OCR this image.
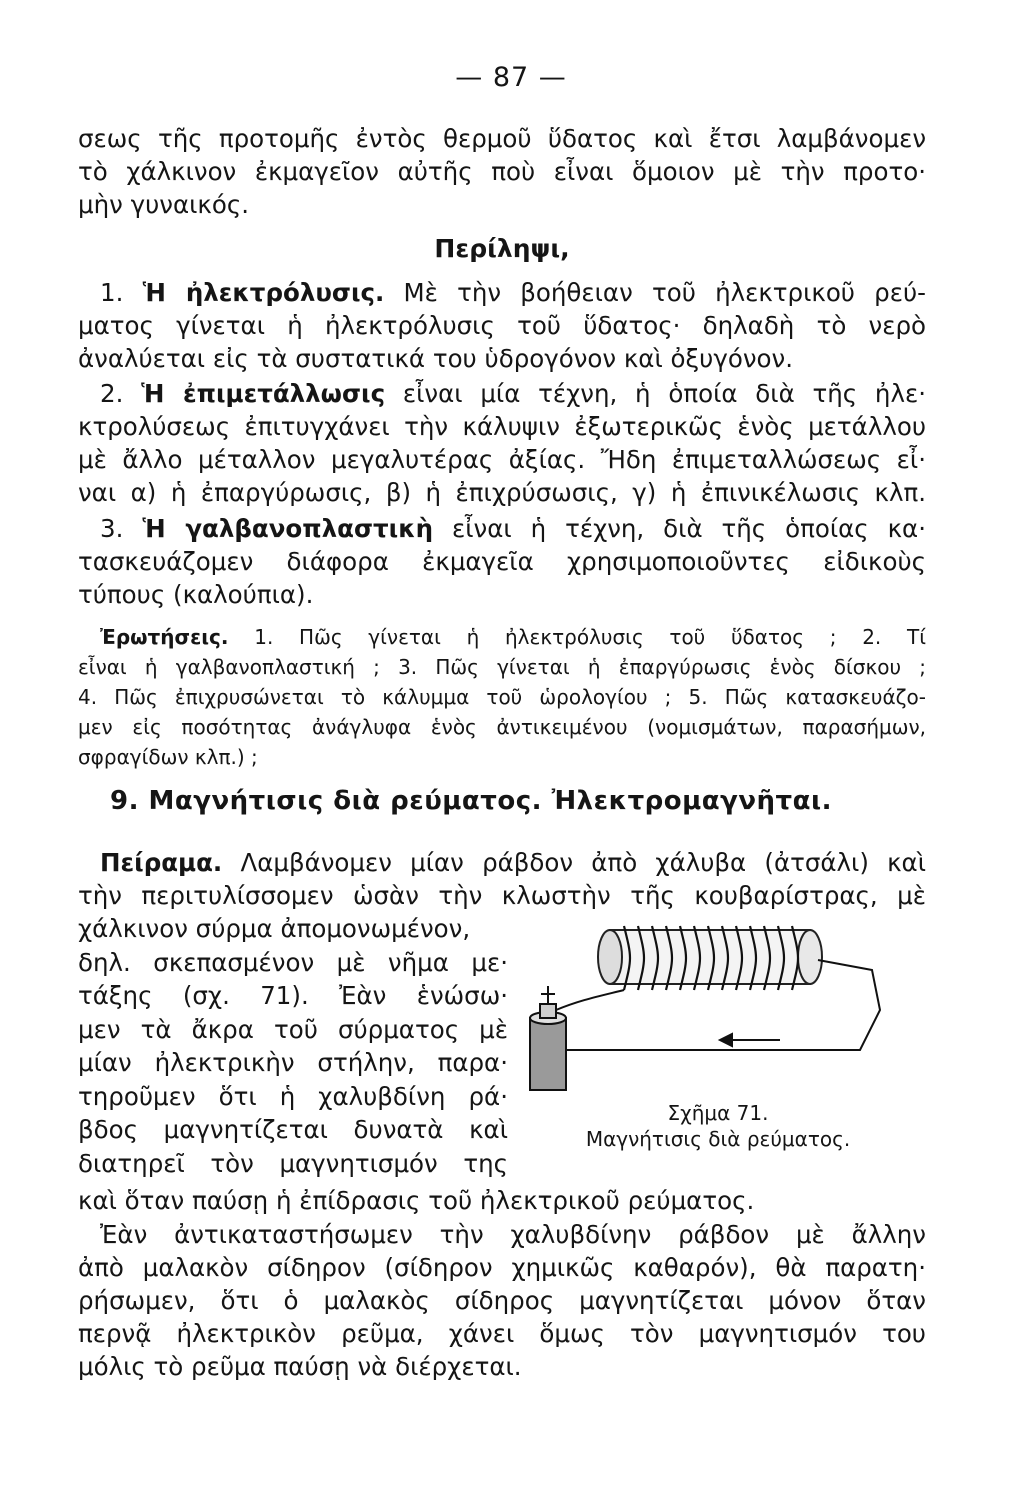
— 87 —
σεως τῆς προτομῆς ἐντὸς θερμοῦ ὕδατος καὶ ἔτσι λαμβάνομεν
τὸ χάλκινον ἐκμαγεῖον αὐτῆς ποὺ εἶναι ὅμοιον μὲ τὴν προτο·
μὴν γυναικός.
Περίληψι,
1. Ἡ ἠλεκτρόλυσις. Μὲ τὴν βοήθειαν τοῦ ἠλεκτρικοῦ ρεύ-
ματος γίνεται ἡ ἠλεκτρόλυσις τοῦ ὕδατος· δηλαδὴ τὸ νερὸ
ἀναλύεται εἰς τὰ συστατικά του ὑδρογόνον καὶ ὀξυγόνον.
2. Ἡ ἐπιμετάλλωσις εἶναι μία τέχνη, ἡ ὁποία διὰ τῆς ἠλε·
κτρολύσεως ἐπιτυγχάνει τὴν κάλυψιν ἐξωτερικῶς ἑνὸς μετάλλου
μὲ ἄλλο μέταλλον μεγαλυτέρας ἀξίας. Ἤδη ἐπιμεταλλώσεως εἶ·
ναι α) ἡ ἐπαργύρωσις, β) ἡ ἐπιχρύσωσις, γ) ἡ ἐπινικέλωσις κλπ.
3. Ἡ γαλβανοπλαστικὴ εἶναι ἡ τέχνη, διὰ τῆς ὁποίας κα·
τασκευάζομεν διάφορα ἐκμαγεῖα χρησιμοποιοῦντες εἰδικοὺς
τύπους (καλούπια).
Ἐρωτήσεις. 1. Πῶς γίνεται ἡ ἠλεκτρόλυσις τοῦ ὕδατος ; 2. Τί
εἶναι ἡ γαλβανοπλαστική ; 3. Πῶς γίνεται ἡ ἐπαργύρωσις ἑνὸς δίσκου ;
4. Πῶς ἐπιχρυσώνεται τὸ κάλυμμα τοῦ ὡρολογίου ; 5. Πῶς κατασκευάζο-
μεν εἰς ποσότητας ἀνάγλυφα ἑνὸς ἀντικειμένου (νομισμάτων, παρασήμων,
σφραγίδων κλπ.) ;
9. Μαγνήτισις διὰ ρεύματος. Ἠλεκτρομαγνῆται.
Πείραμα. Λαμβάνομεν μίαν ράβδον ἀπὸ χάλυβα (ἀτσάλι) καὶ
τὴν περιτυλίσσομεν ὡσὰν τὴν κλωστὴν τῆς κουβαρίστρας, μὲ
χάλκινον σύρμα ἀπομονωμένον,
δηλ. σκεπασμένον μὲ νῆμα με·
τάξης (σχ. 71). Ἐὰν ἑνώσω·
μεν τὰ ἄκρα τοῦ σύρματος μὲ
μίαν ἠλεκτρικὴν στήλην, παρα·
τηροῦμεν ὅτι ἡ χαλυβδίνη ρά·
βδος μαγνητίζεται δυνατὰ καὶ
διατηρεῖ τὸν μαγνητισμόν της
καὶ ὅταν παύσῃ ἡ ἐπίδρασις τοῦ ἠλεκτρικοῦ ρεύματος.
Ἐὰν ἀντικαταστήσωμεν τὴν χαλυβδίνην ράβδον μὲ ἄλλην
ἀπὸ μαλακὸν σίδηρον (σίδηρον χημικῶς καθαρόν), θὰ παρατη·
ρήσωμεν, ὅτι ὁ μαλακὸς σίδηρος μαγνητίζεται μόνον ὅταν
περνᾷ ἠλεκτρικὸν ρεῦμα, χάνει ὅμως τὸν μαγνητισμόν του
μόλις τὸ ρεῦμα παύσῃ νὰ διέρχεται.
Σχῆμα 71.
Μαγνήτισις διὰ ρεύματος.
